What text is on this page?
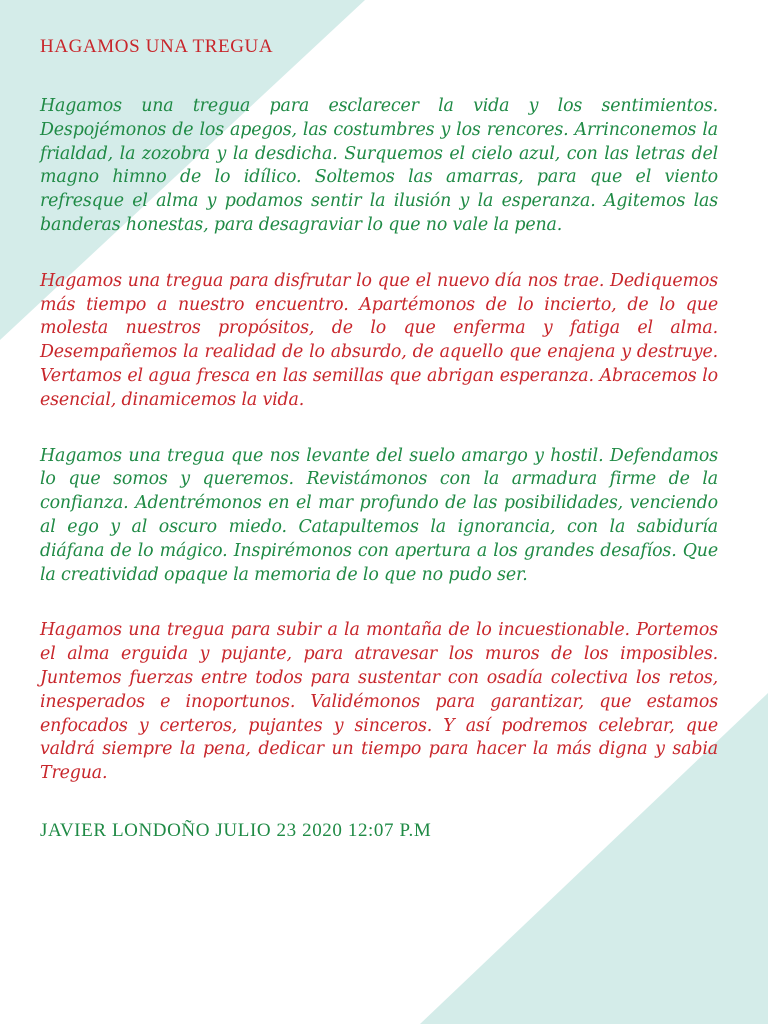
HAGAMOS UNA TREGUA

Hagamos una tregua para esclarecer la vida y los sentimientos. Despojémonos de los apegos, las costumbres y los rencores. Arrinconemos la frialdad, la zozobra y la desdicha. Surquemos el cielo azul, con las letras del magno himno de lo idílico. Soltemos las amarras, para que el viento refresque el alma y podamos sentir la ilusión y la esperanza. Agitemos las banderas honestas, para desagraviar lo que no vale la pena.

Hagamos una tregua para disfrutar lo que el nuevo día nos trae. Dediquemos más tiempo a nuestro encuentro. Apartémonos de lo incierto, de lo que molesta nuestros propósitos, de lo que enferma y fatiga el alma. Desempañemos la realidad de lo absurdo, de aquello que enajena y destruye. Vertamos el agua fresca en las semillas que abrigan esperanza. Abracemos lo esencial, dinamicemos la vida.

Hagamos una tregua que nos levante del suelo amargo y hostil. Defendamos lo que somos y queremos. Revistámonos con la armadura firme de la confianza. Adentrémonos en el mar profundo de las posibilidades, venciendo al ego y al oscuro miedo. Catapultemos la ignorancia, con la sabiduría diáfana de lo mágico. Inspirémonos con apertura a los grandes desafíos. Que la creatividad opaque la memoria de lo que no pudo ser.

Hagamos una tregua para subir a la montaña de lo incuestionable. Portemos el alma erguida y pujante, para atravesar los muros de los imposibles. Juntemos fuerzas entre todos para sustentar con osadía colectiva los retos, inesperados e inoportunos. Validémonos para garantizar, que estamos enfocados y certeros, pujantes y sinceros. Y así podremos celebrar, que valdrá siempre la pena, dedicar un tiempo para hacer la más digna y sabia Tregua.

JAVIER LONDOÑO JULIO 23 2020 12:07 P.M
